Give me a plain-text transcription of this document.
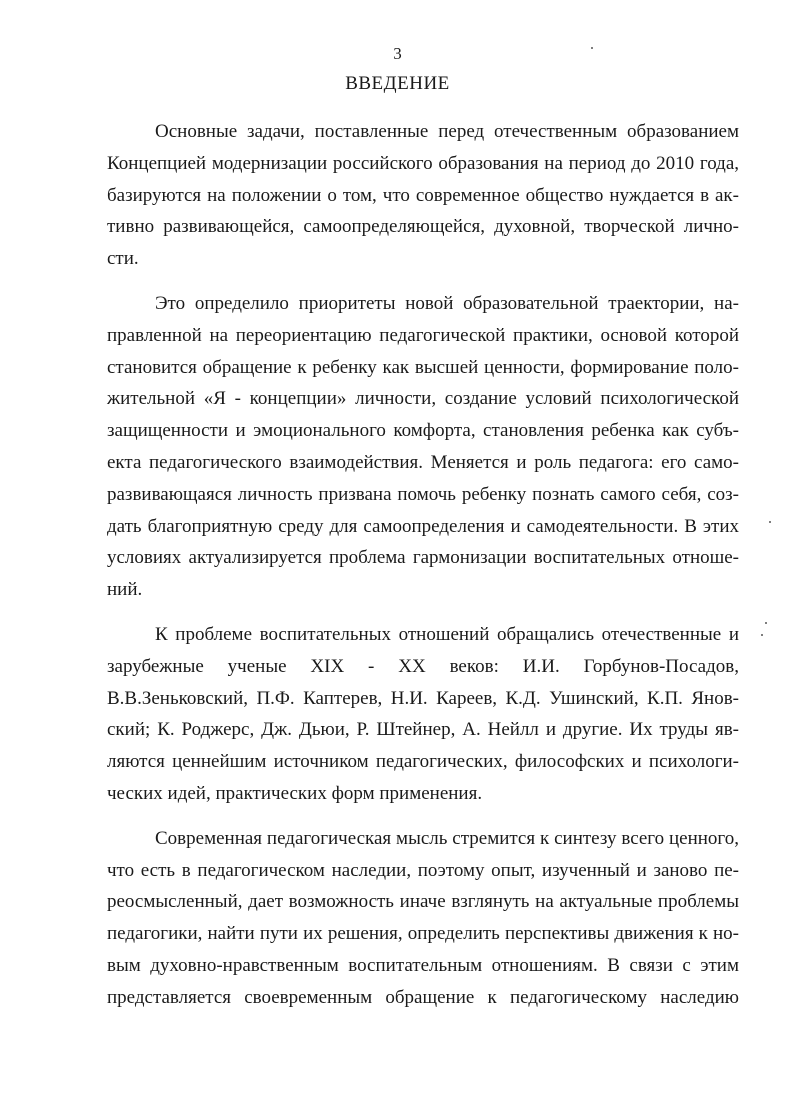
3
ВВЕДЕНИЕ
Основные задачи, поставленные перед отечественным образованием
Концепцией модернизации российского образования на период до 2010 года,
базируются на положении о том, что современное общество нуждается в ак-
тивно развивающейся, самоопределяющейся, духовной, творческой лично-
сти.
Это определило приоритеты новой образовательной траектории, на-
правленной на переориентацию педагогической практики, основой которой
становится обращение к ребенку как высшей ценности, формирование поло-
жительной «Я - концепции» личности, создание условий психологической
защищенности и эмоционального комфорта, становления ребенка как субъ-
екта педагогического взаимодействия. Меняется и роль педагога: его само-
развивающаяся личность призвана помочь ребенку познать самого себя, соз-
дать благоприятную среду для самоопределения и самодеятельности. В этих
условиях актуализируется проблема гармонизации воспитательных отноше-
ний.
К проблеме воспитательных отношений обращались отечественные и
зарубежные ученые XIX - XX веков: И.И. Горбунов-Посадов,
В.В.Зеньковский, П.Ф. Каптерев, Н.И. Кареев, К.Д. Ушинский, К.П. Янов-
ский; К. Роджерс, Дж. Дьюи, Р. Штейнер, А. Нейлл и другие. Их труды яв-
ляются ценнейшим источником педагогических, философских и психологи-
ческих идей, практических форм применения.
Современная педагогическая мысль стремится к синтезу всего ценного,
что есть в педагогическом наследии, поэтому опыт, изученный и заново пе-
реосмысленный, дает возможность иначе взглянуть на актуальные проблемы
педагогики, найти пути их решения, определить перспективы движения к но-
вым духовно-нравственным воспитательным отношениям. В связи с этим
представляется своевременным обращение к педагогическому наследию
